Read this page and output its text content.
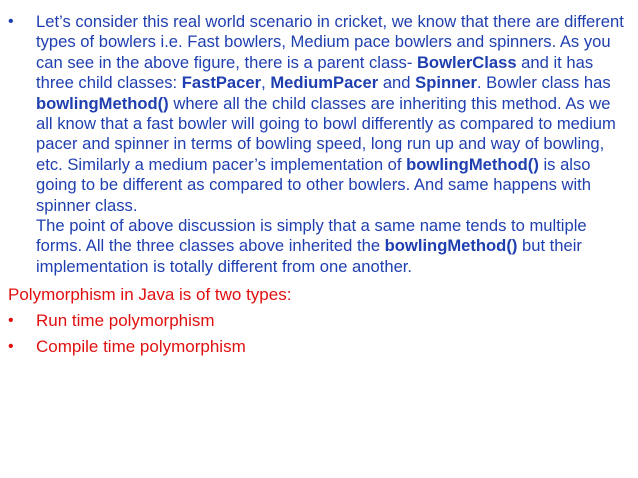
•	Let’s consider this real world scenario in cricket, we know that there are different types of bowlers i.e. Fast bowlers, Medium pace bowlers and spinners. As you can see in the above figure, there is a parent class- BowlerClass and it has three child classes: FastPacer, MediumPacer and Spinner. Bowler class has bowlingMethod() where all the child classes are inheriting this method. As we all know that a fast bowler will going to bowl differently as compared to medium pacer and spinner in terms of bowling speed, long run up and way of bowling, etc. Similarly a medium pacer’s implementation of bowlingMethod() is also going to be different as compared to other bowlers. And same happens with spinner class.
The point of above discussion is simply that a same name tends to multiple forms. All the three classes above inherited the bowlingMethod() but their implementation is totally different from one another.
Polymorphism in Java is of two types:
•	Run time polymorphism
•	Compile time polymorphism
